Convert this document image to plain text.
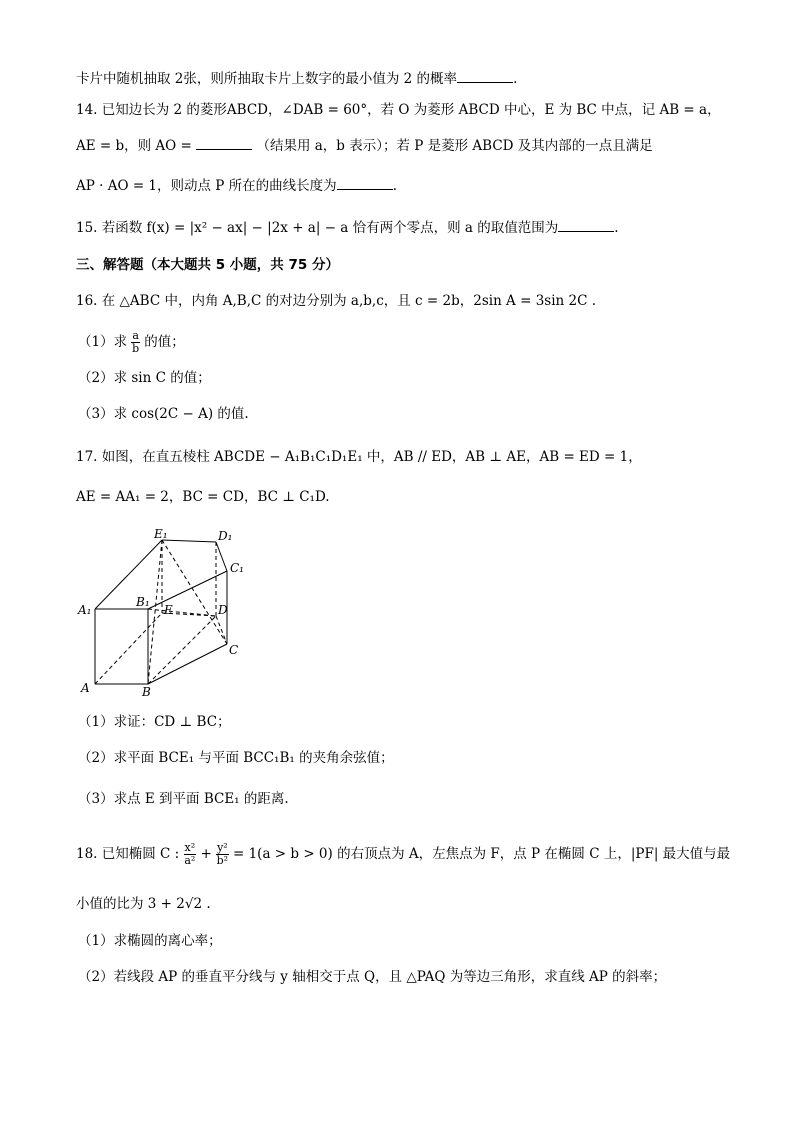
卡片中随机抽取 2张，则所抽取卡片上数字的最小值为 2 的概率	.
14. 已知边长为 2 的菱形ABCD，∠DAB = 60°，若 O 为菱形 ABCD 中心，E 为 BC 中点，记 AB = a，
AE = b，则 AO =	（结果用 a，b 表示）；若 P 是菱形 ABCD 及其内部的一点且满足
AP · AO = 1，则动点 P 所在的曲线长度为	.
15. 若函数 f(x) = |x² − ax| − |2x + a| − a 恰有两个零点，则 a 的取值范围为	.
三、解答题（本大题共 5 小题，共 75 分）
16. 在 △ABC 中，内角 A,B,C 的对边分别为 a,b,c，且 c = 2b，2sin A = 3sin 2C .
（1）求 $\frac{a}{b}$ 的值；
（2）求 sin C 的值；
（3）求 cos(2C − A) 的值.
17. 如图，在直五棱柱 ABCDE − A₁B₁C₁D₁E₁ 中，AB // ED，AB ⊥ AE，AB = ED = 1，
AE = AA₁ = 2，BC = CD，BC ⊥ C₁D.
E₁	D₁
C₁
A₁
B₁
E	D
C
A	B
（1）求证：CD ⊥ BC；
（2）求平面 BCE₁ 与平面 BCC₁B₁ 的夹角余弦值；
（3）求点 E 到平面 BCE₁ 的距离.
18. 已知椭圆 C : $\frac{\text{x²}}{\text{a²}} + \frac{\text{y²}}{\text{b²}} = 1(a > b > 0)$ 的右顶点为 A，左焦点为 F，点 P 在椭圆 C 上，|PF| 最大值与最
小值的比为 3 + 2√2 .
（1）求椭圆的离心率；
（2）若线段 AP 的垂直平分线与 y 轴相交于点 Q，且 △PAQ 为等边三角形，求直线 AP 的斜率；
